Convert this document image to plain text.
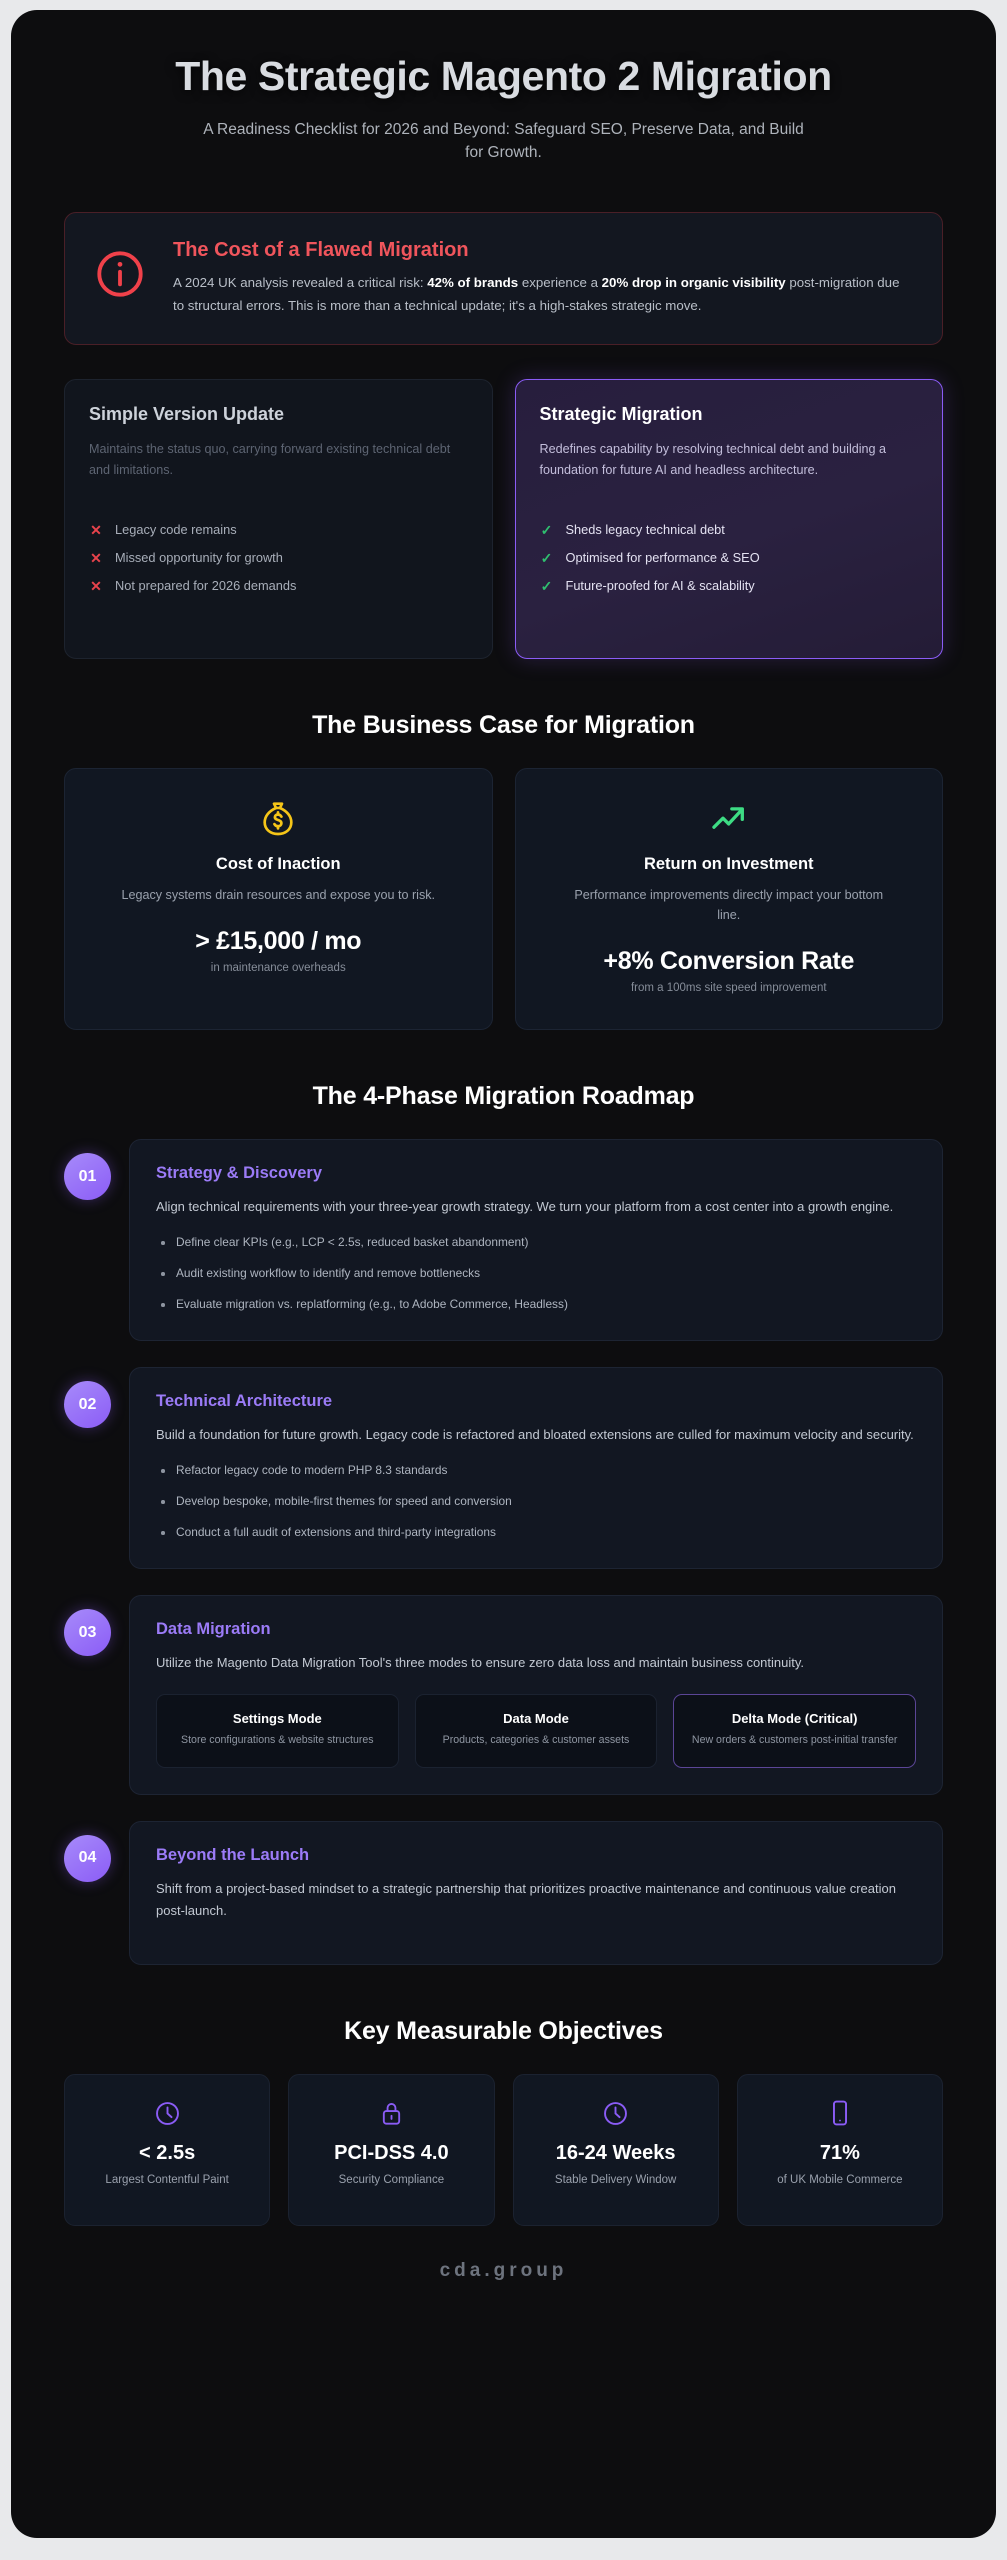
The Strategic Magento 2 Migration

A Readiness Checklist for 2026 and Beyond: Safeguard SEO, Preserve Data, and Build for Growth.

The Cost of a Flawed Migration
A 2024 UK analysis revealed a critical risk: 42% of brands experience a 20% drop in organic visibility post-migration due to structural errors. This is more than a technical update; it's a high-stakes strategic move.
Simple Version Update
Maintains the status quo, carrying forward existing technical debt and limitations.
✕ Legacy code remains
✕ Missed opportunity for growth
✕ Not prepared for 2026 demands
Strategic Migration
Redefines capability by resolving technical debt and building a foundation for future AI and headless architecture.
✓ Sheds legacy technical debt
✓ Optimised for performance & SEO
✓ Future-proofed for AI & scalability
The Business Case for Migration
Cost of Inaction
Legacy systems drain resources and expose you to risk.
> £15,000 / mo
in maintenance overheads
Return on Investment
Performance improvements directly impact your bottom line.
+8% Conversion Rate
from a 100ms site speed improvement
The 4-Phase Migration Roadmap
01	Strategy & Discovery
Align technical requirements with your three-year growth strategy. We turn your platform from a cost center into a growth engine.
Define clear KPIs (e.g., LCP < 2.5s, reduced basket abandonment)
Audit existing workflow to identify and remove bottlenecks
Evaluate migration vs. replatforming (e.g., to Adobe Commerce, Headless)
02	Technical Architecture
Build a foundation for future growth. Legacy code is refactored and bloated extensions are culled for maximum velocity and security.
Refactor legacy code to modern PHP 8.3 standards
Develop bespoke, mobile-first themes for speed and conversion
Conduct a full audit of extensions and third-party integrations
03	Data Migration
Utilize the Magento Data Migration Tool's three modes to ensure zero data loss and maintain business continuity.
Settings Mode
Store configurations & website structures
Data Mode
Products, categories & customer assets
Delta Mode (Critical)
New orders & customers post-initial transfer
04	Beyond the Launch
Shift from a project-based mindset to a strategic partnership that prioritizes proactive maintenance and continuous value creation post-launch.
Key Measurable Objectives
< 2.5s
Largest Contentful Paint
PCI-DSS 4.0
Security Compliance
16-24 Weeks
Stable Delivery Window
71%
of UK Mobile Commerce
cda.group
